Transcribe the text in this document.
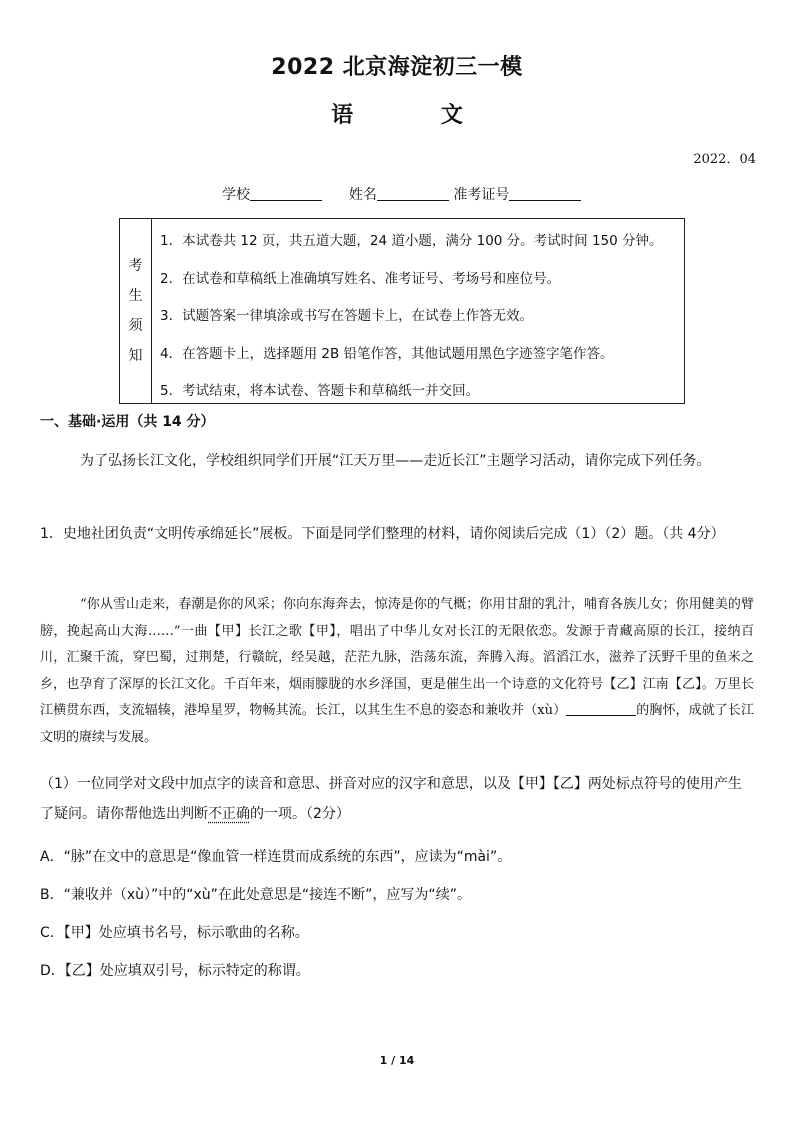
2022 北京海淀初三一模
语 文
2022．04
学校	姓名	准考证号
考
生
须
知
1．本试卷共 12 页，共五道大题，24 道小题，满分 100 分。考试时间 150 分钟。
2．在试卷和草稿纸上准确填写姓名、准考证号、考场号和座位号。
3．试题答案一律填涂或书写在答题卡上，在试卷上作答无效。
4．在答题卡上，选择题用 2B 铅笔作答，其他试题用黑色字迹签字笔作答。
5．考试结束，将本试卷、答题卡和草稿纸一并交回。
一、基础·运用（共 14 分）
为了弘扬长江文化，学校组织同学们开展“江天万里——走近长江”主题学习活动，请你完成下列任务。
1．史地社团负责“文明传承绵延长”展板。下面是同学们整理的材料，请你阅读后完成（1）（2）题。（共 4分）
“你从雪山走来，春潮是你的风采；你向东海奔去，惊涛是你的气概；你用甘甜的乳汁，哺育各族儿女；你用健美的臂膀，挽起高山大海……”一曲【甲】长江之歌【甲】，唱出了中华儿女对长江的无限依恋。发源于青藏高原的长江，接纳百川，汇聚千流，穿巴蜀，过荆楚，行赣皖，经吴越，茫茫九脉，浩荡东流，奔腾入海。滔滔江水，滋养了沃野千里的鱼米之乡，也孕育了深厚的长江文化。千百年来，烟雨朦胧的水乡泽国，更是催生出一个诗意的文化符号【乙】江南【乙】。万里长江横贯东西，支流辐辏，港埠星罗，物畅其流。长江，以其生生不息的姿态和兼收并（xù）	的胸怀，成就了长江文明的赓续与发展。
（1）一位同学对文段中加点字的读音和意思、拼音对应的汉字和意思，以及【甲】【乙】两处标点符号的使用产生了疑问。请你帮他选出判断不正确的一项。（2分）
A．“脉”在文中的意思是“像血管一样连贯而成系统的东西”，应读为“mài”。
B．“兼收并（xù）”中的“xù”在此处意思是“接连不断”，应写为“续”。
C．【甲】处应填书名号，标示歌曲的名称。
D．【乙】处应填双引号，标示特定的称谓。
1 / 14
